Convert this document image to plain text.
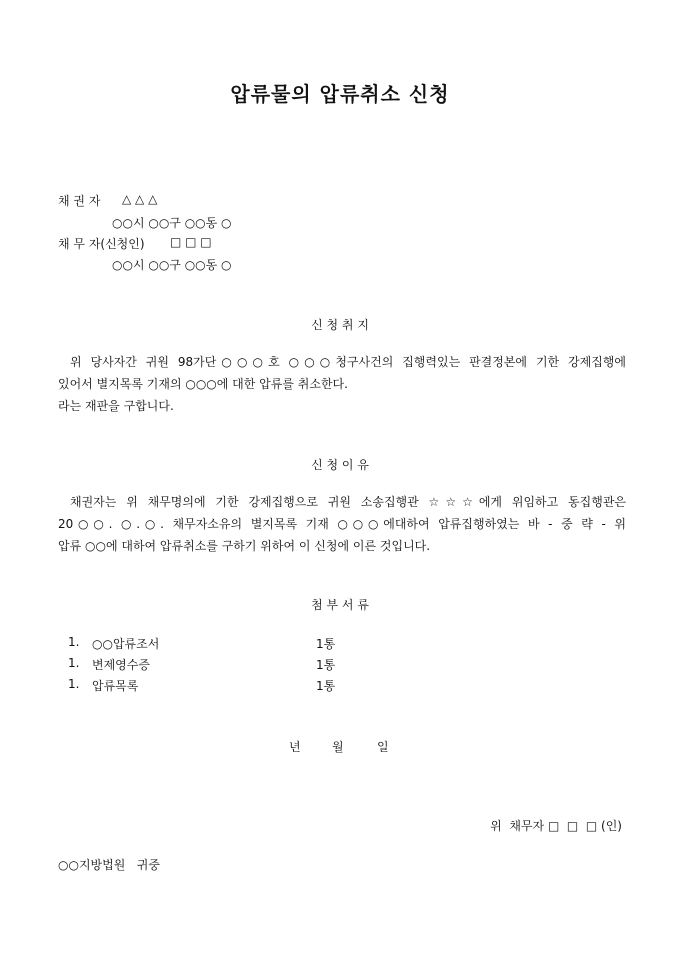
압류물의 압류취소 신청
채 권 자 △ △ △
○○시 ○○구 ○○동 ○
채 무 자(신청인) □ □ □
○○시 ○○구 ○○동 ○
신 청 취 지
위 당사자간 귀원 98가단○○○호 ○○○청구사건의 집행력있는 판결정본에 기한 강제집행에
있어서 별지목록 기재의 ○○○에 대한 압류를 취소한다.
라는 재판을 구합니다.
신 청 이 유
채권자는 위 채무명의에 기한 강제집행으로 귀원 소송집행관 ☆☆☆에게 위임하고 동집행관은
20○○. ○.○. 채무자소유의 별지목록 기재 ○○○에대하여 압류집행하였는 바 - 중 략 - 위
압류 ○○에 대하여 압류취소를 구하기 위하여 이 신청에 이른 것입니다.
첨 부 서 류
1. ○○압류조서	1통
1. 변제영수증	1통
1. 압류목록	1통
년	월	일
위  채무자 □  □  □ (인)
○○지방법원   귀중
